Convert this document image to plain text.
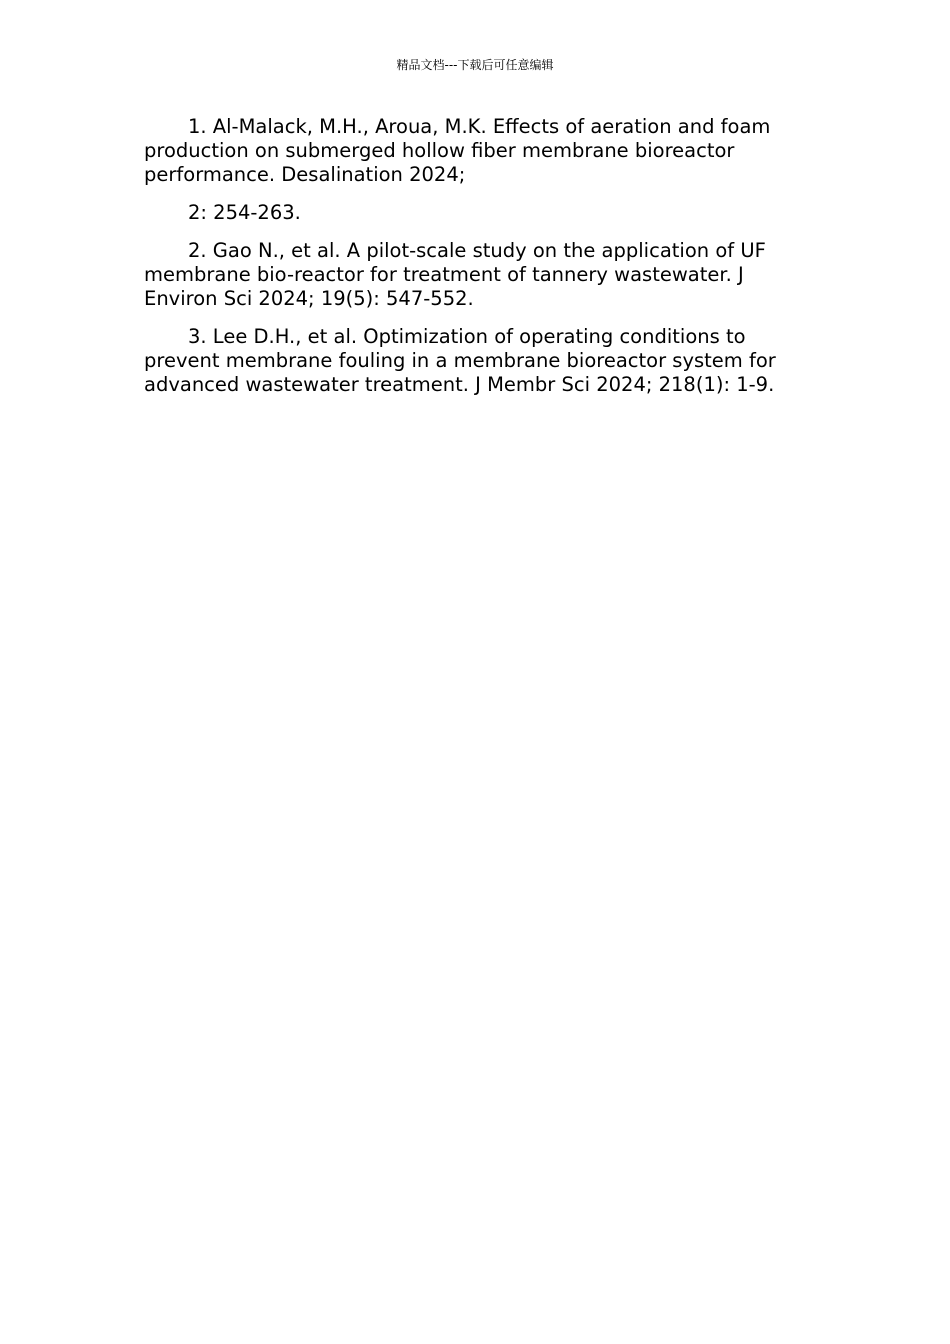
精品文档---下载后可任意编辑

1. Al-Malack, M.H., Aroua, M.K. Effects of aeration and foam production on submerged hollow fiber membrane bioreactor performance. Desalination 2024;

2: 254-263.

2. Gao N., et al. A pilot-scale study on the application of UF membrane bio-reactor for treatment of tannery wastewater. J Environ Sci 2024; 19(5): 547-552.

3. Lee D.H., et al. Optimization of operating conditions to prevent membrane fouling in a membrane bioreactor system for advanced wastewater treatment. J Membr Sci 2024; 218(1): 1-9.
